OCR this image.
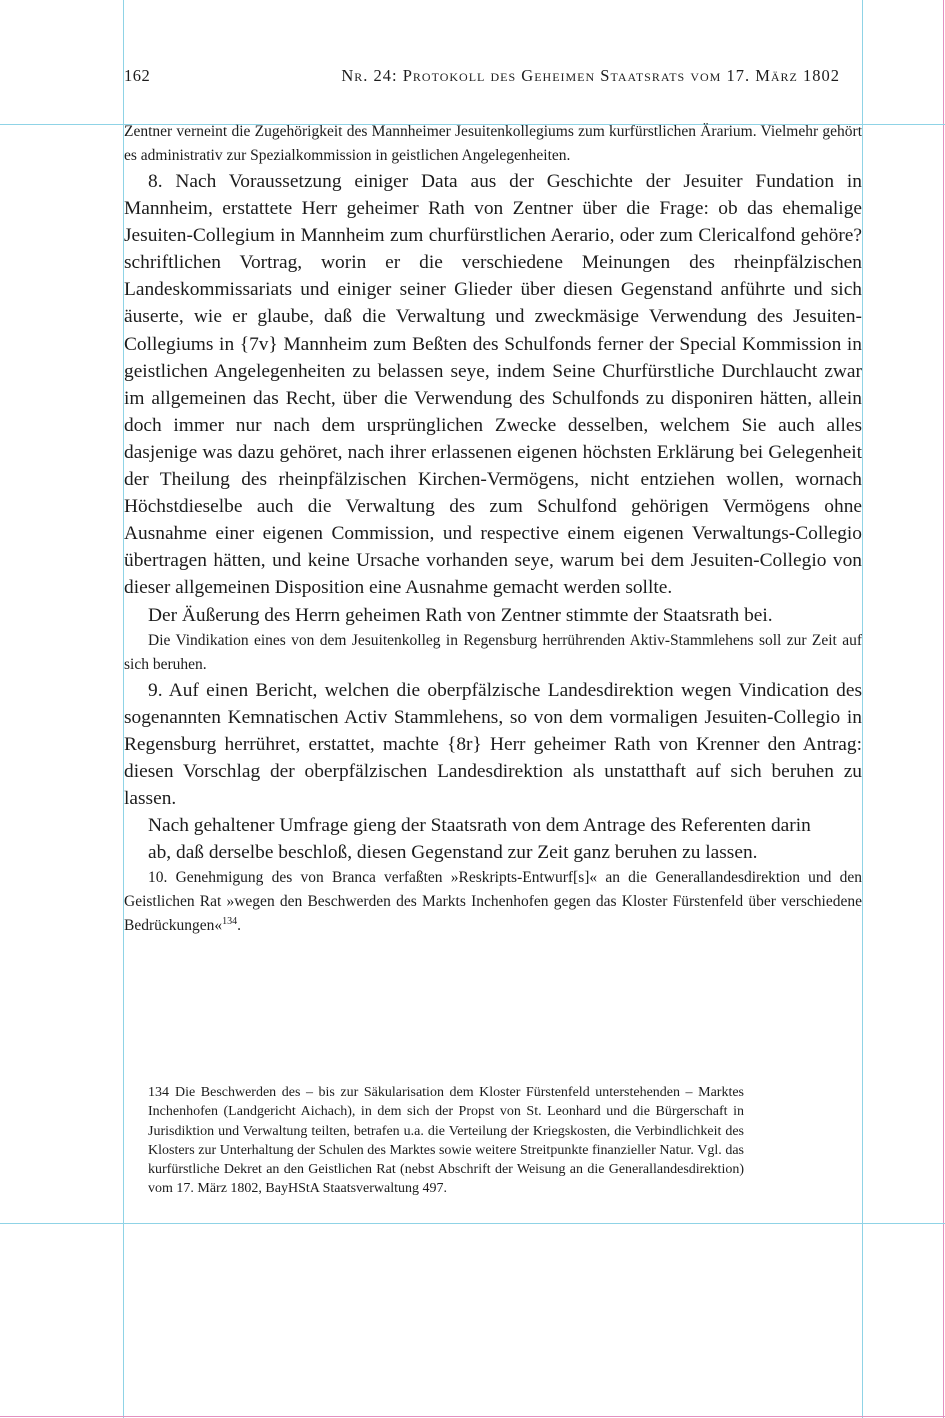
162	Nr. 24: Protokoll des Geheimen Staatsrats vom 17. März 1802

Zentner verneint die Zugehörigkeit des Mannheimer Jesuitenkollegiums zum kurfürstlichen Ärarium. Vielmehr gehört es administrativ zur Spezialkommission in geistlichen Angelegenheiten.

8. Nach Voraussetzung einiger Data aus der Geschichte der Jesuiter Fundation in Mannheim, erstattete Herr geheimer Rath von Zentner über die Frage: ob das ehemalige Jesuiten-Collegium in Mannheim zum churfürstlichen Aerario, oder zum Clericalfond gehöre? schriftlichen Vortrag, worin er die verschiedene Meinungen des rheinpfälzischen Landeskommissariats und einiger seiner Glieder über diesen Gegenstand anführte und sich äuserte, wie er glaube, daß die Verwaltung und zweckmäsige Verwendung des Jesuiten-Collegiums in {7v} Mannheim zum Beßten des Schulfonds ferner der Special Kommission in geistlichen Angelegenheiten zu belassen seye, indem Seine Churfürstliche Durchlaucht zwar im allgemeinen das Recht, über die Verwendung des Schulfonds zu disponiren hätten, allein doch immer nur nach dem ursprünglichen Zwecke desselben, welchem Sie auch alles dasjenige was dazu gehöret, nach ihrer erlassenen eigenen höchsten Erklärung bei Gelegenheit der Theilung des rheinpfälzischen Kirchen-Vermögens, nicht entziehen wollen, wornach Höchstdieselbe auch die Verwaltung des zum Schulfond gehörigen Vermögens ohne Ausnahme einer eigenen Commission, und respective einem eigenen Verwaltungs-Collegio übertragen hätten, und keine Ursache vorhanden seye, warum bei dem Jesuiten-Collegio von dieser allgemeinen Disposition eine Ausnahme gemacht werden sollte.

Der Äußerung des Herrn geheimen Rath von Zentner stimmte der Staatsrath bei.

Die Vindikation eines von dem Jesuitenkolleg in Regensburg herrührenden Aktiv-Stammlehens soll zur Zeit auf sich beruhen.

9. Auf einen Bericht, welchen die oberpfälzische Landesdirektion wegen Vindication des sogenannten Kemnatischen Activ Stammlehens, so von dem vormaligen Jesuiten-Collegio in Regensburg herrühret, erstattet, machte {8r} Herr geheimer Rath von Krenner den Antrag: diesen Vorschlag der oberpfälzischen Landesdirektion als unstatthaft auf sich beruhen zu lassen.

Nach gehaltener Umfrage gieng der Staatsrath von dem Antrage des Referenten darin ab, daß derselbe beschloß, diesen Gegenstand zur Zeit ganz beruhen zu lassen.

10. Genehmigung des von Branca verfaßten »Reskripts-Entwurf[s]« an die Generallandesdirektion und den Geistlichen Rat »wegen den Beschwerden des Markts Inchenhofen gegen das Kloster Fürstenfeld über verschiedene Bedrückungen«$^{134}$.

134 Die Beschwerden des – bis zur Säkularisation dem Kloster Fürstenfeld unterstehenden – Marktes Inchenhofen (Landgericht Aichach), in dem sich der Propst von St. Leonhard und die Bürgerschaft in Jurisdiktion und Verwaltung teilten, betrafen u.a. die Verteilung der Kriegskosten, die Verbindlichkeit des Klosters zur Unterhaltung der Schulen des Marktes sowie weitere Streitpunkte finanzieller Natur. Vgl. das kurfürstliche Dekret an den Geistlichen Rat (nebst Abschrift der Weisung an die Generallandesdirektion) vom 17. März 1802, BayHStA Staatsverwaltung 497.
